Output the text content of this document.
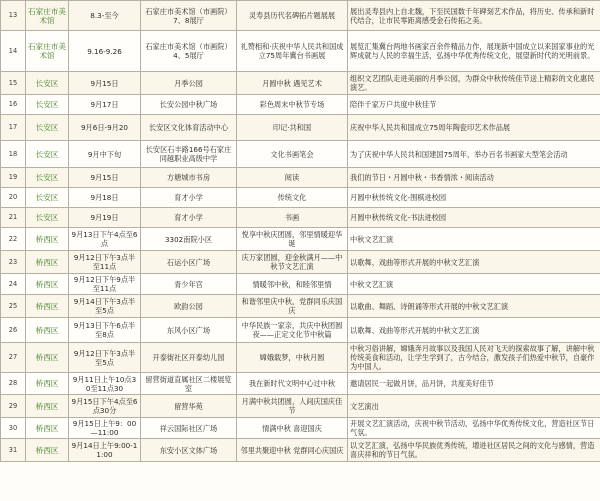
13	石家庄市美术馆	8.3-至今	石家庄市美术馆（市画院）7、8展厅	灵寿县历代名碑拓片题展展	展出灵寿县内上自北魏，下至民国数千年碑刻艺术作品，将历史、传承和新时代结合，让市民零距离感受金石传拓之美。
14	石家庄市美术馆	9.16-9.26	石家庄市美术馆（市画院）4、5展厅	礼赞相和·庆祝中华人民共和国成立75周年冀台书画展	展览汇集冀台两地书画家百余件精品力作，展现新中国成立以来国家事业的光辉成就与人民的幸福生活，弘扬中华优秀传统文化，展望新时代的光明前景。
15	长安区	9月15日	月季公园	月圆中秋 遇见艺术	组织文艺团队走进美丽的月季公园，为群众中秋传统佳节送上精彩的文化惠民演艺。
16	长安区	9月17日	长安公园中秋广场	彩色周末中秋节专场	陪伴千家万户共度中秋佳节
17	长安区	9月6日-9月20	长安区文化体育活动中心	印记·共和国	庆祝中华人民共和国成立75周年陶瓷印艺术作品展
18	长安区	9月中下旬	长安区石丰路166号石家庄同越职业高级中学	文化书画笔会	为了庆祝中华人民共和国建国75周年，举办百名书画家大型笔会活动
19	长安区	9月15日	方塘城市书房	阅读	我们的节日・月圆中秋・书香情浓・阅读活动
20	长安区	9月18日	育才小学	传统文化	月圆中秋传统文化-围棋进校园
21	长安区	9月19日	育才小学	书画	月圆中秋传统文化-书法进校园
22	桥西区	9月13日下午4点至6点	3302南院小区	悦享中秋庆团圆，邻里情暖迎华诞	中秋文艺汇演
23	桥西区	9月12日下午3点半至11点	石运小区广场	庆万家团圆，迎金秋满月——中秋节文艺汇演	以歌舞、戏曲等形式开展的中秋文艺汇演
24	桥西区	9月12日下午9点半至11点	青少年宫	情暖邻中秋，和睦邻里情	中秋文艺汇演
25	桥西区	9月14日下午3点半至5点	欧韵公园	和谐邻里庆中秋，党群同乐庆国庆	以歌曲、舞蹈、诗朗诵等形式开展的中秋文艺汇演
26	桥西区	9月13日下午6点半至8点	东风小区广场	中华民族一家亲，共庆中秋团圆夜——正定文化节中秋篇	以歌舞、戏曲等形式开展的中秋文艺汇演
27	桥西区	9月12日下午3点半至5点	开泰街社区开泰幼儿园	嫦娥载梦，中秋月圆	中秋习俗讲解，嫦娥奔月故事以及我国人民对飞天的探索故事了解，讲解中秋传统美食和活动，让学生学到了，古今结合，激发孩子们热爱中秋节，自豪作为中国人。
28	桥西区	9月11日上午10点30至11点30	留营街道直属社区二楼展览室	我在新时代文明中心过中秋	邀请居民一起做月饼，品月饼，共度美好佳节
29	桥西区	9月15日下午4点至6点30分	留营华苑	月满中秋共团圆，人间庆国庆佳节	文艺演出
30	桥西区	9月15日上午9：00—11:00	祥云国际社区广场	情满中秋 喜迎国庆	开展文艺汇演活动，庆祝中秋节活动，弘扬中华优秀传统文化，营造社区节日气氛。
31	桥西区	9月14日上午9:00-11:00	东安小区文体广场	邻里共聚迎中秋 党群同心庆国庆	以文艺汇演，弘扬中华民族优秀传统，增进社区居民之间的文化与感情，营造喜庆祥和的节日气氛。
